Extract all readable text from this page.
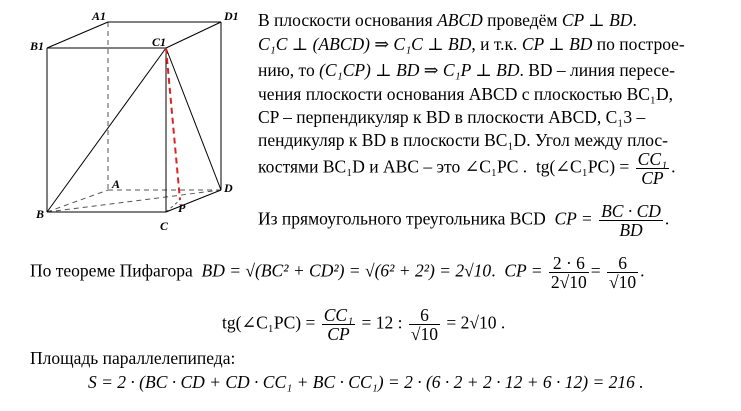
A1	D1
B1	C1
A	D
B
C
P
В плоскости основания ABCD проведём CP ⊥ BD.
C₁C ⊥ (ABCD) ⇒ C₁C ⊥ BD, и т.к. CP ⊥ BD по построе-
нию, то (C₁CP) ⊥ BD ⇒ C₁P ⊥ BD. BD – линия пересе-
чения плоскости основания ABCD с плоскостью BC₁D,
CP – перпендикуляр к BD в плоскости ABCD, C₁3 –
пендикуляр к BD в плоскости BC₁D. Угол между плос-
костями BC₁D и ABC – это ∠C₁PC . tg(∠C₁PC) = $\frac{\text{CC₁}}{CP}$ .
Из прямоугольного треугольника BCD CP = $\frac{BC \cdot CD}{BD}$ .
По теореме Пифагора BD = √(BC² + CD²) = √(6² + 2²) = 2√10.  CP = $\frac{2 \cdot 6}{2√10} = \frac{6}{√10}$ .
tg(∠C₁PC) = $\frac{\text{CC₁}}{CP} = 12$ : $\frac{6}{√10} = 2√10$ .
Площадь параллелепипеда:
S = 2 · (BC · CD + CD · CC₁ + BC · CC₁) = 2 · (6 · 2 + 2 · 12 + 6 · 12) = 216 .
